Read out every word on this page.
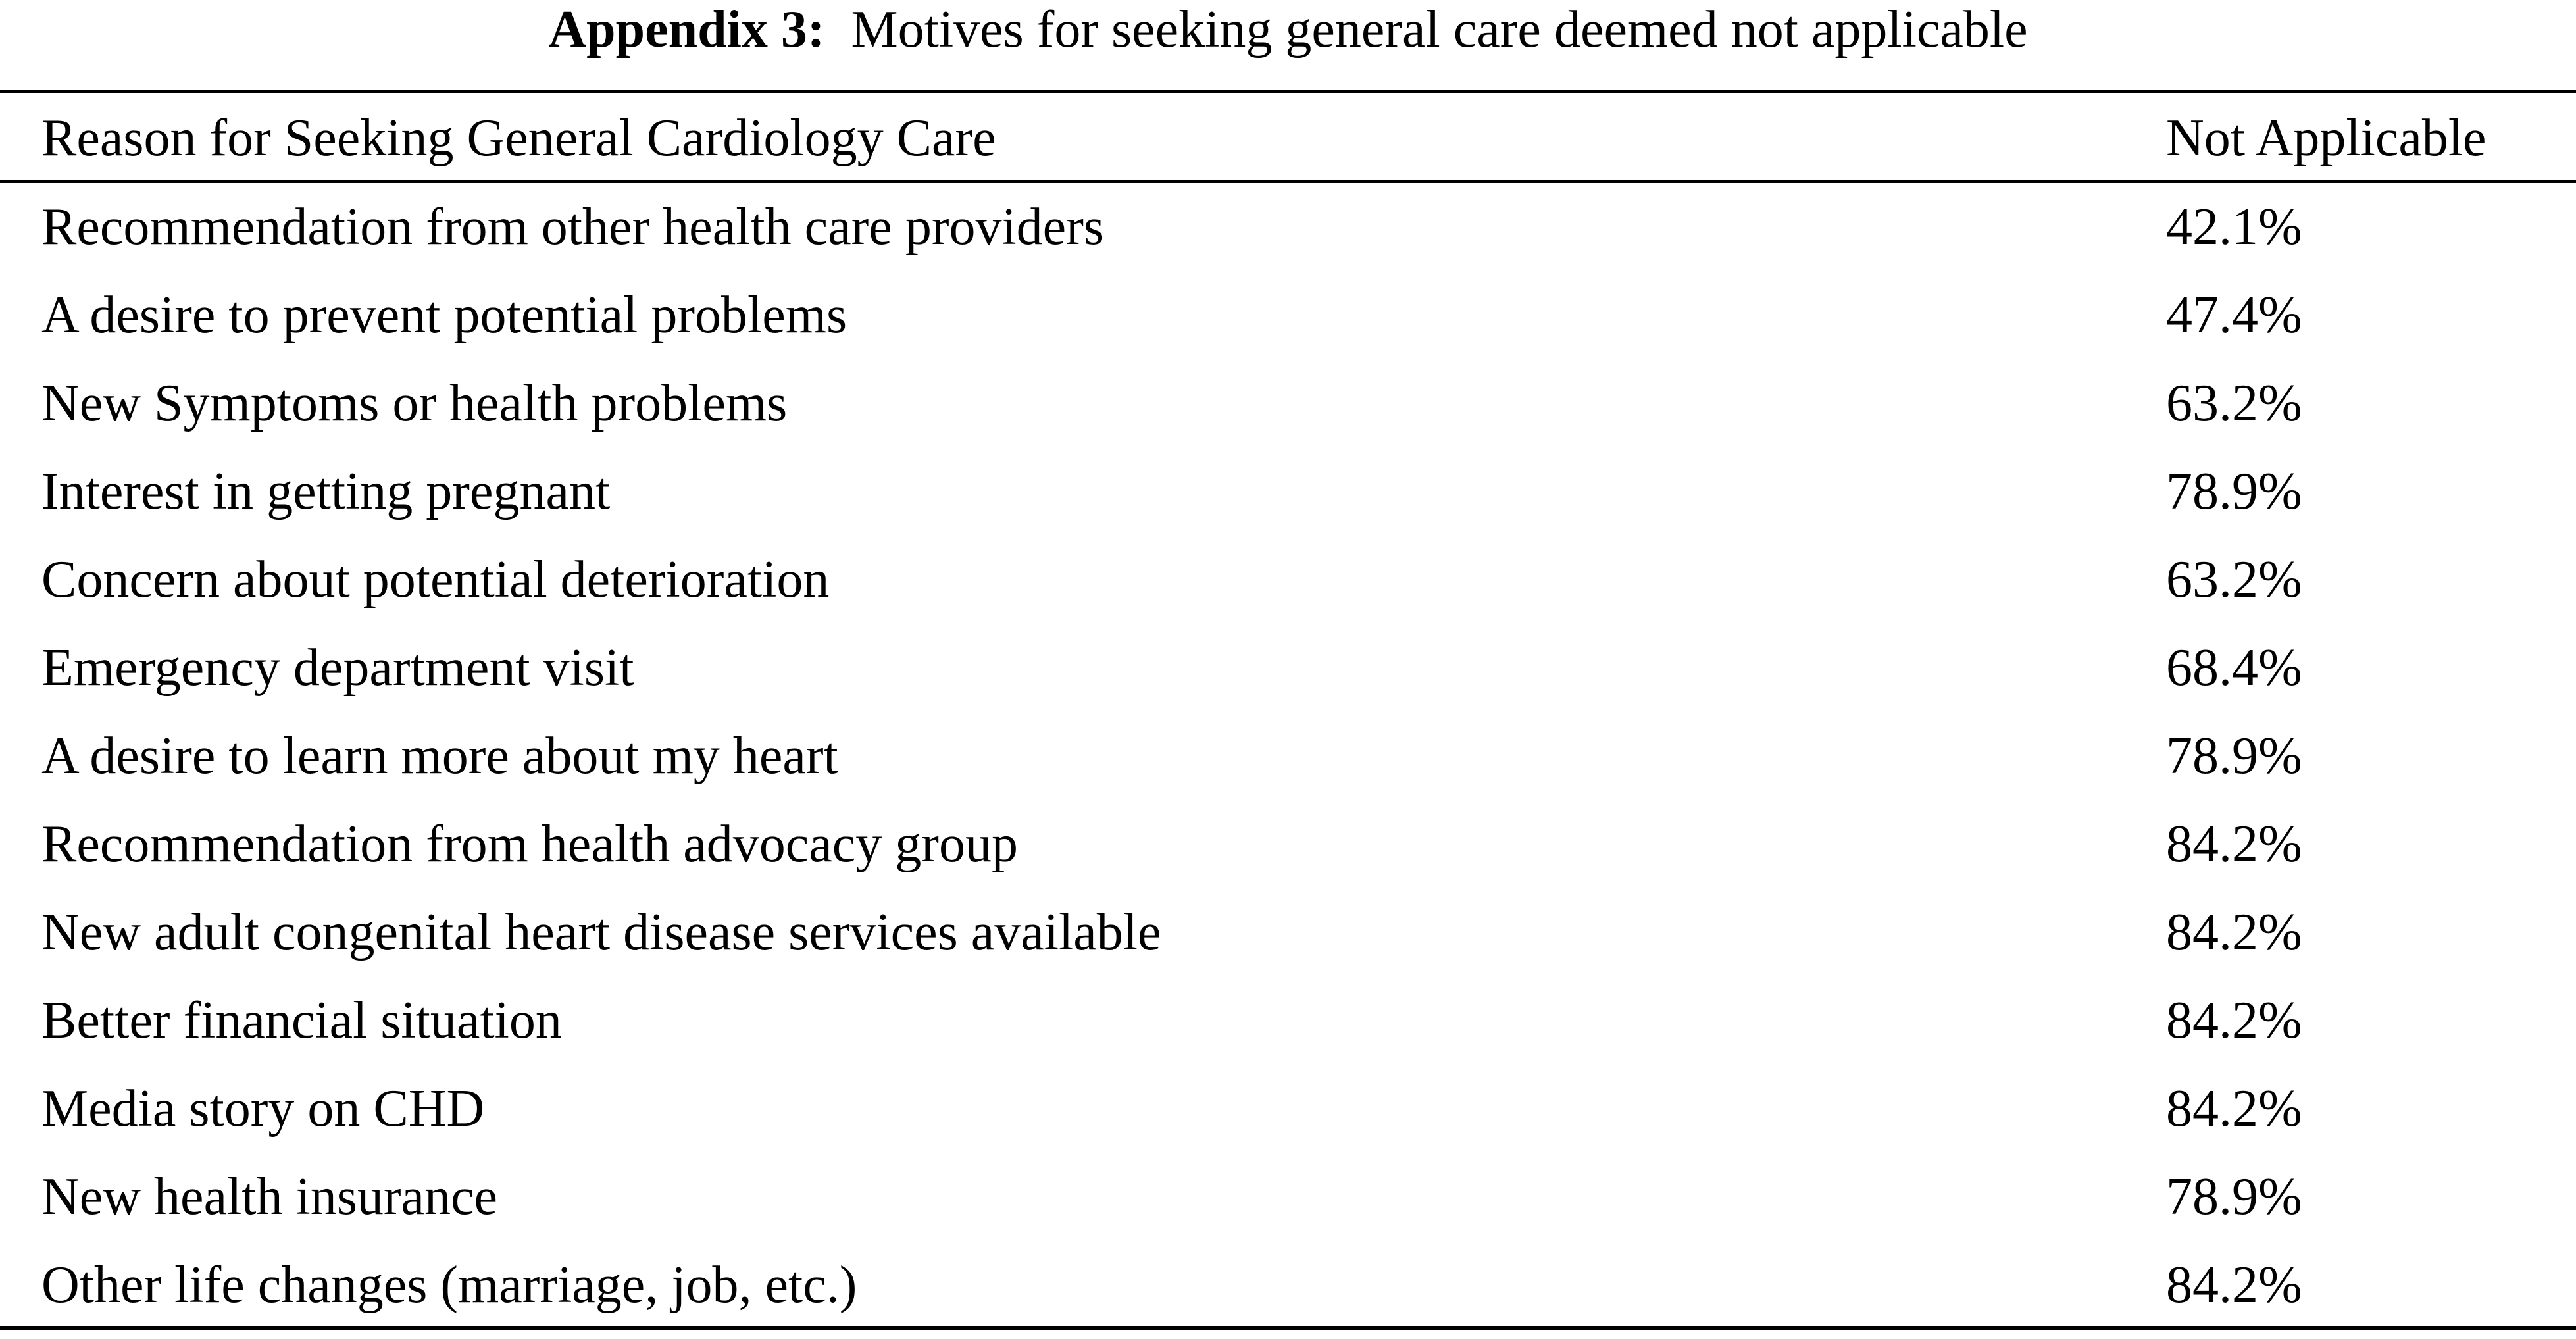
Appendix 3: Motives for seeking general care deemed not applicable
Reason for Seeking General Cardiology Care	Not Applicable
Recommendation from other health care providers	42.1%
A desire to prevent potential problems	47.4%
New Symptoms or health problems	63.2%
Interest in getting pregnant	78.9%
Concern about potential deterioration	63.2%
Emergency department visit	68.4%
A desire to learn more about my heart	78.9%
Recommendation from health advocacy group	84.2%
New adult congenital heart disease services available	84.2%
Better financial situation	84.2%
Media story on CHD	84.2%
New health insurance	78.9%
Other life changes (marriage, job, etc.)	84.2%
